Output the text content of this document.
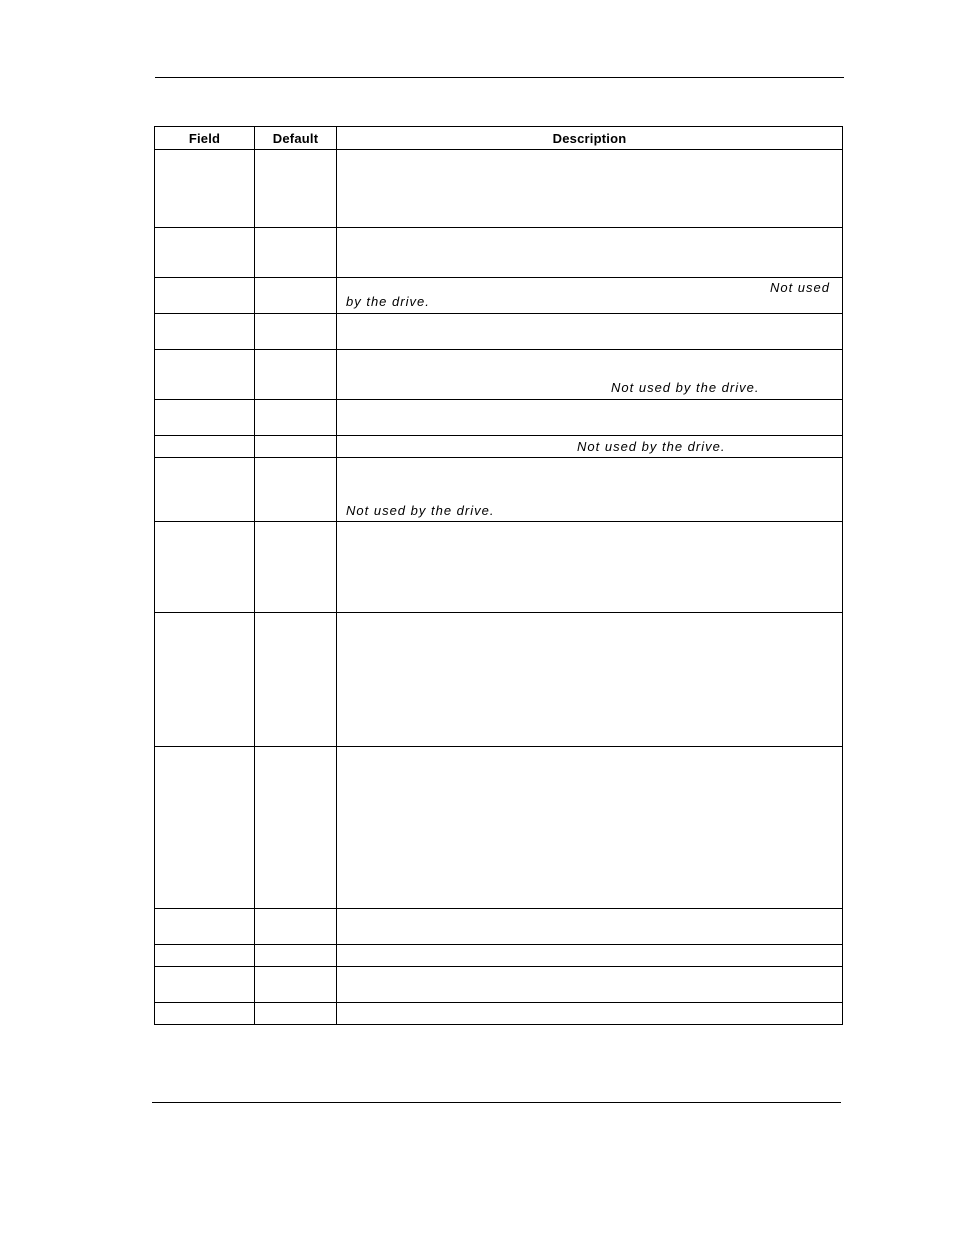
Field	Default	Description

		Not used
by the drive.

		Not used by the drive.

		Not used by the drive.

		Not used by the drive.
